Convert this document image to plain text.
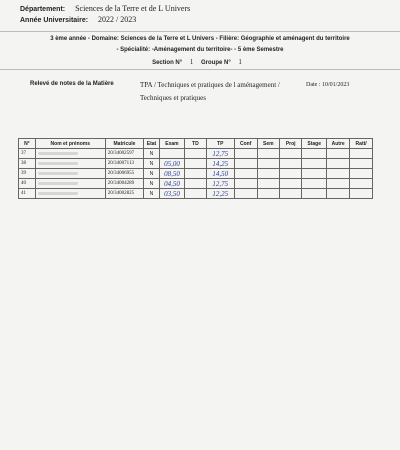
Département: Sciences de la Terre et de L Univers
Année Universitaire: 2022 / 2023
3 ème année - Domaine: Sciences de la Terre et L Univers - Filière: Géographie et aménagent du territoire
- Spécialité: -Aménagement du territoire- - 5 ème Semestre
Section N° 1 Groupe N° 1
Relevé de notes de la Matière	TPA / Techniques et pratiques de l aménagement / Techniques et pratiques
Date : 10/01/2023
N°	Nom et prénoms	Matricule	Etat	Exam	TD	TP	Conf	Sem	Proj	Stage	Autre	Ratt/
37		20/34002597	N			12,75						
38		20/34007113	N	05,00		14,25						
39		20/34006955	N	08,50		14,50						
40		20/34004289	N	04,50		12,75						
41		20/34002825	N	03,50		12,25						
